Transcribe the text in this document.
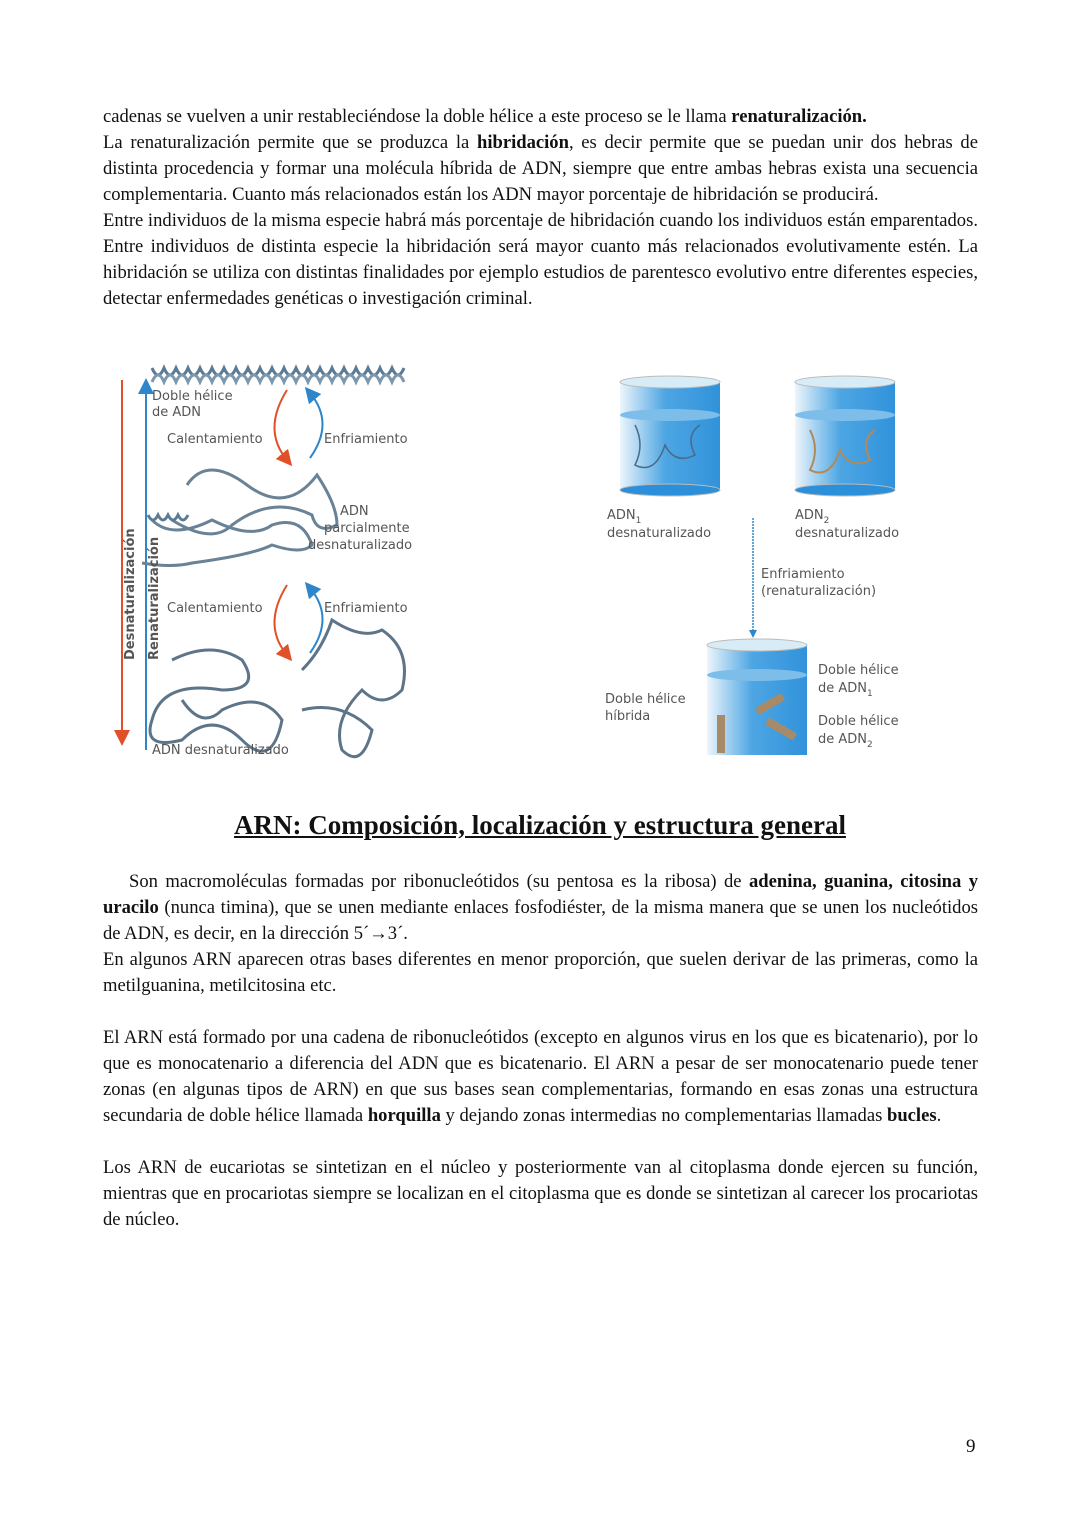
cadenas se vuelven a unir restableciéndose la doble hélice a este proceso se le llama renaturalización.

La renaturalización permite que se produzca la hibridación, es decir permite que se puedan unir dos hebras de distinta procedencia y formar una molécula híbrida de ADN, siempre que entre ambas hebras exista una secuencia complementaria. Cuanto más relacionados están los ADN mayor porcentaje de hibridación se producirá.

Entre individuos de la misma especie habrá más porcentaje de hibridación cuando los individuos están emparentados. Entre individuos de distinta especie la hibridación será mayor cuanto más relacionados evolutivamente estén. La hibridación se utiliza con distintas finalidades por ejemplo estudios de parentesco evolutivo entre diferentes especies, detectar enfermedades genéticas o investigación criminal.

Doble hélice
de ADN
Calentamiento	Enfriamiento
ADN
parcialmente
desnaturalizado
Calentamiento	Enfriamiento
Desnaturalización Renaturalización
ADN desnaturalizado
$ADN_1$
desnaturalizado
$ADN_2$
desnaturalizado
Enfriamiento
(renaturalización)
Doble hélice
híbrida
Doble hélice
de $ADN_1$
Doble hélice
de $ADN_2$
ARN: Composición, localización y estructura general

Son macromoléculas formadas por ribonucleótidos (su pentosa es la ribosa) de adenina, guanina, citosina y uracilo (nunca timina), que se unen mediante enlaces fosfodiéster, de la misma manera que se unen los nucleótidos de ADN, es decir, en la dirección 5´→3´.

En algunos ARN aparecen otras bases diferentes en menor proporción, que suelen derivar de las primeras, como la metilguanina, metilcitosina etc.

El ARN está formado por una cadena de ribonucleótidos (excepto en algunos virus en los que es bicatenario), por lo que es monocatenario a diferencia del ADN que es bicatenario. El ARN a pesar de ser monocatenario puede tener zonas (en algunas tipos de ARN) en que sus bases sean complementarias, formando en esas zonas una estructura secundaria de doble hélice llamada horquilla y dejando zonas intermedias no complementarias llamadas bucles.

Los ARN de eucariotas se sintetizan en el núcleo y posteriormente van al citoplasma donde ejercen su función, mientras que en procariotas siempre se localizan en el citoplasma que es donde se sintetizan al carecer los procariotas de núcleo.

9
